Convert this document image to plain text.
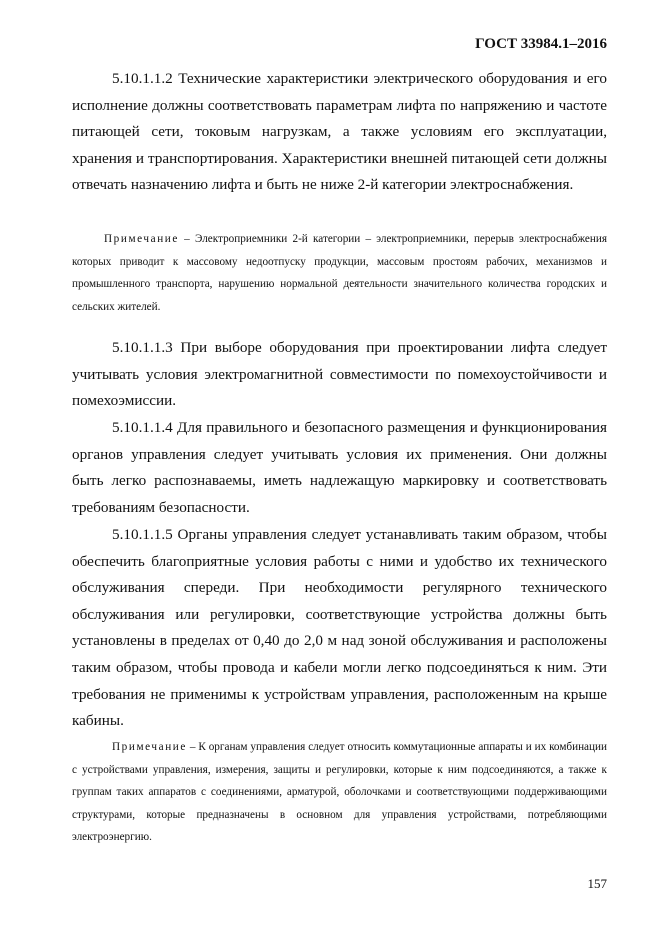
ГОСТ 33984.1–2016

5.10.1.1.2 Технические характеристики электрического оборудования и его исполнение должны соответствовать параметрам лифта по напряжению и частоте питающей сети, токовым нагрузкам, а также условиям его эксплуатации, хранения и транспортирования. Характеристики внешней питающей сети должны отвечать назначению лифта и быть не ниже 2-й категории электроснабжения.

Примечание – Электроприемники 2-й категории – электроприемники, перерыв электроснабжения которых приводит к массовому недоотпуску продукции, массовым простоям рабочих, механизмов и промышленного транспорта, нарушению нормальной деятельности значительного количества городских и сельских жителей.

5.10.1.1.3 При выборе оборудования при проектировании лифта следует учитывать условия электромагнитной совместимости по помехоустойчивости и помехоэмиссии.

5.10.1.1.4 Для правильного и безопасного размещения и функционирования органов управления следует учитывать условия их применения. Они должны быть легко распознаваемы, иметь надлежащую маркировку и соответствовать требованиям безопасности.

5.10.1.1.5 Органы управления следует устанавливать таким образом, чтобы обеспечить благоприятные условия работы с ними и удобство их технического обслуживания спереди. При необходимости регулярного технического обслуживания или регулировки, соответствующие устройства должны быть установлены в пределах от 0,40 до 2,0 м над зоной обслуживания и расположены таким образом, чтобы провода и кабели могли легко подсоединяться к ним. Эти требования не применимы к устройствам управления, расположенным на крыше кабины.

Примечание – К органам управления следует относить коммутационные аппараты и их комбинации с устройствами управления, измерения, защиты и регулировки, которые к ним подсоединяются, а также к группам таких аппаратов с соединениями, арматурой, оболочками и соответствующими поддерживающими структурами, которые предназначены в основном для управления устройствами, потребляющими электроэнергию.

157
